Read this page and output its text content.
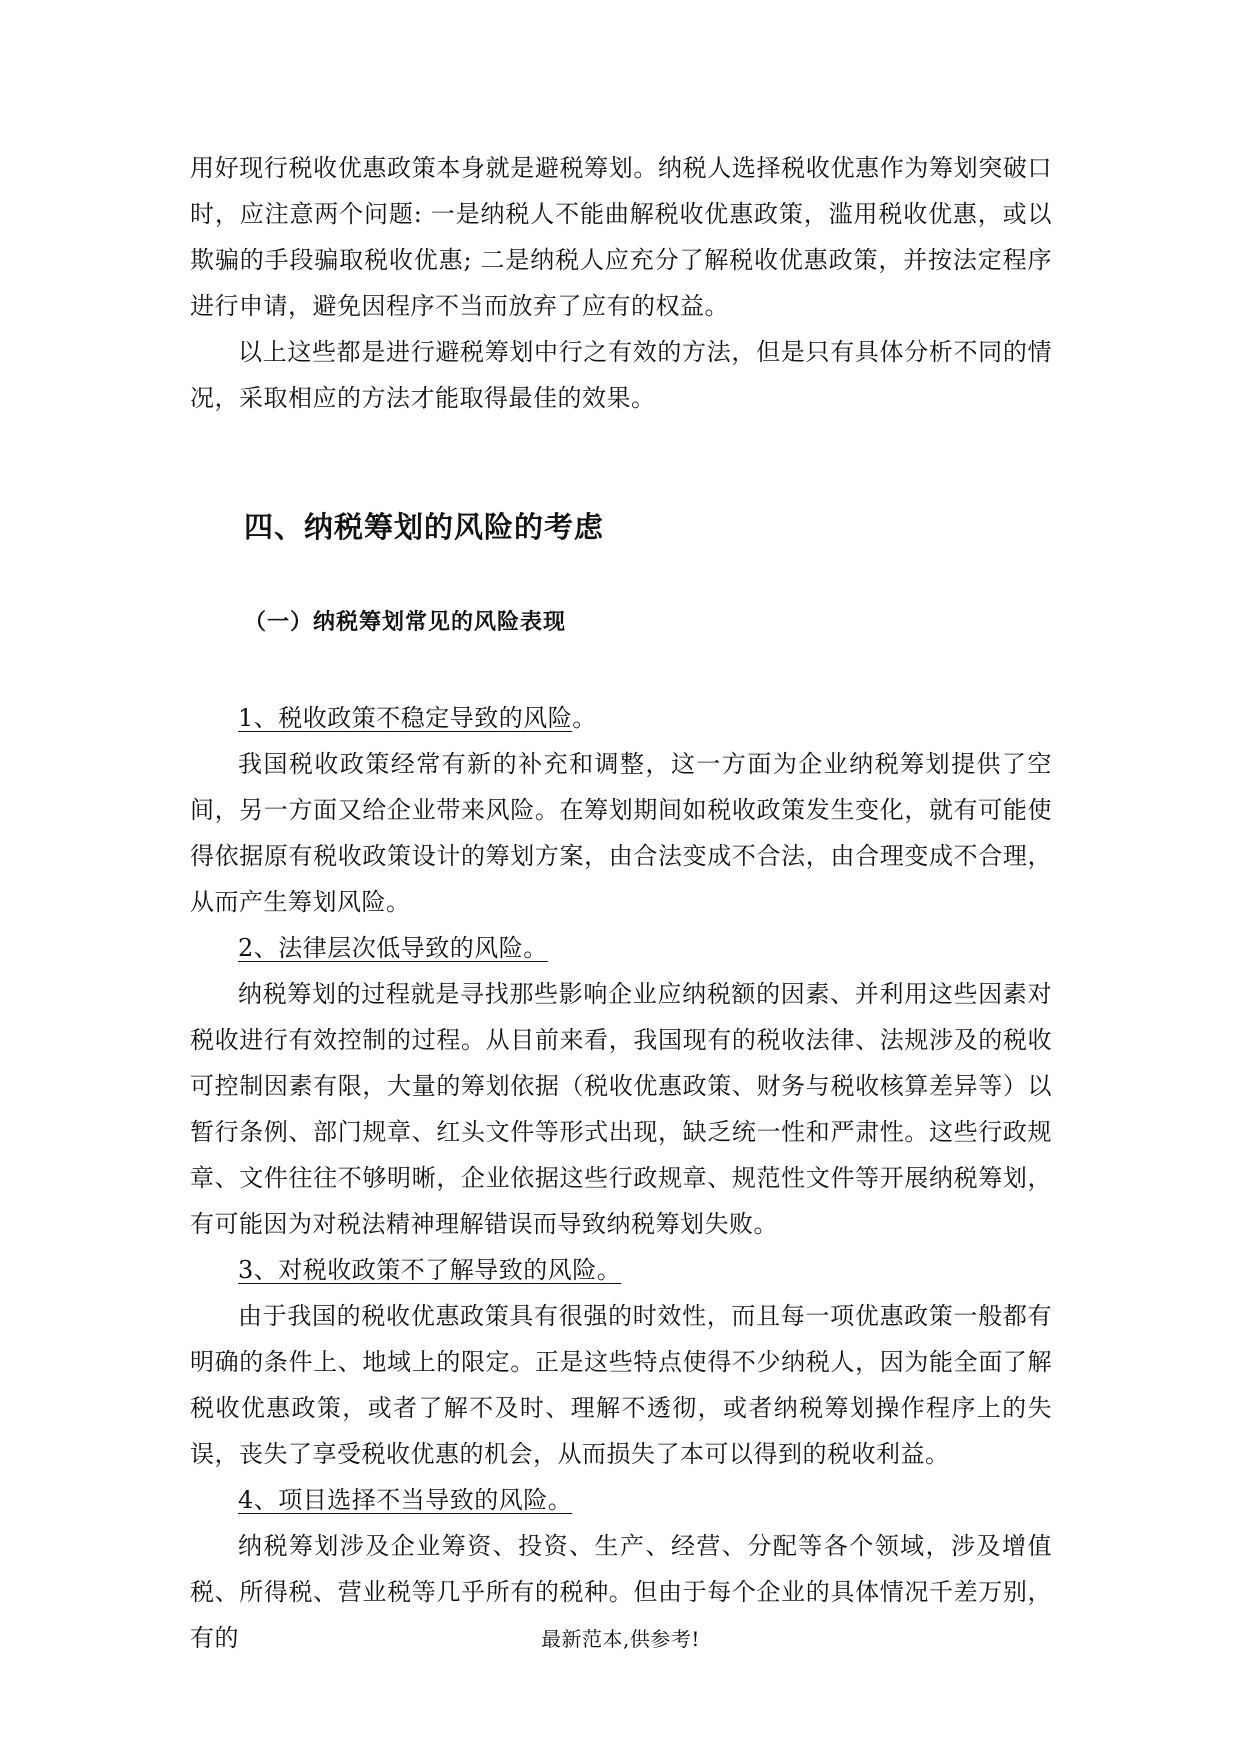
用好现行税收优惠政策本身就是避税筹划。纳税人选择税收优惠作为筹划突破口时，应注意两个问题: 一是纳税人不能曲解税收优惠政策，滥用税收优惠，或以欺骗的手段骗取税收优惠; 二是纳税人应充分了解税收优惠政策，并按法定程序进行申请，避免因程序不当而放弃了应有的权益。

以上这些都是进行避税筹划中行之有效的方法，但是只有具体分析不同的情况，采取相应的方法才能取得最佳的效果。

四、纳税筹划的风险的考虑
（一）纳税筹划常见的风险表现

1、税收政策不稳定导致的风险。

我国税收政策经常有新的补充和调整，这一方面为企业纳税筹划提供了空间，另一方面又给企业带来风险。在筹划期间如税收政策发生变化，就有可能使得依据原有税收政策设计的筹划方案，由合法变成不合法，由合理变成不合理，从而产生筹划风险。

2、法律层次低导致的风险。

纳税筹划的过程就是寻找那些影响企业应纳税额的因素、并利用这些因素对税收进行有效控制的过程。从目前来看，我国现有的税收法律、法规涉及的税收可控制因素有限，大量的筹划依据（税收优惠政策、财务与税收核算差异等）以暂行条例、部门规章、红头文件等形式出现，缺乏统一性和严肃性。这些行政规章、文件往往不够明晰，企业依据这些行政规章、规范性文件等开展纳税筹划，有可能因为对税法精神理解错误而导致纳税筹划失败。

3、对税收政策不了解导致的风险。

由于我国的税收优惠政策具有很强的时效性，而且每一项优惠政策一般都有明确的条件上、地域上的限定。正是这些特点使得不少纳税人，因为能全面了解税收优惠政策，或者了解不及时、理解不透彻，或者纳税筹划操作程序上的失误，丧失了享受税收优惠的机会，从而损失了本可以得到的税收利益。

4、项目选择不当导致的风险。

纳税筹划涉及企业筹资、投资、生产、经营、分配等各个领域，涉及增值税、所得税、营业税等几乎所有的税种。但由于每个企业的具体情况千差万别，有的	最新范本,供参考!
